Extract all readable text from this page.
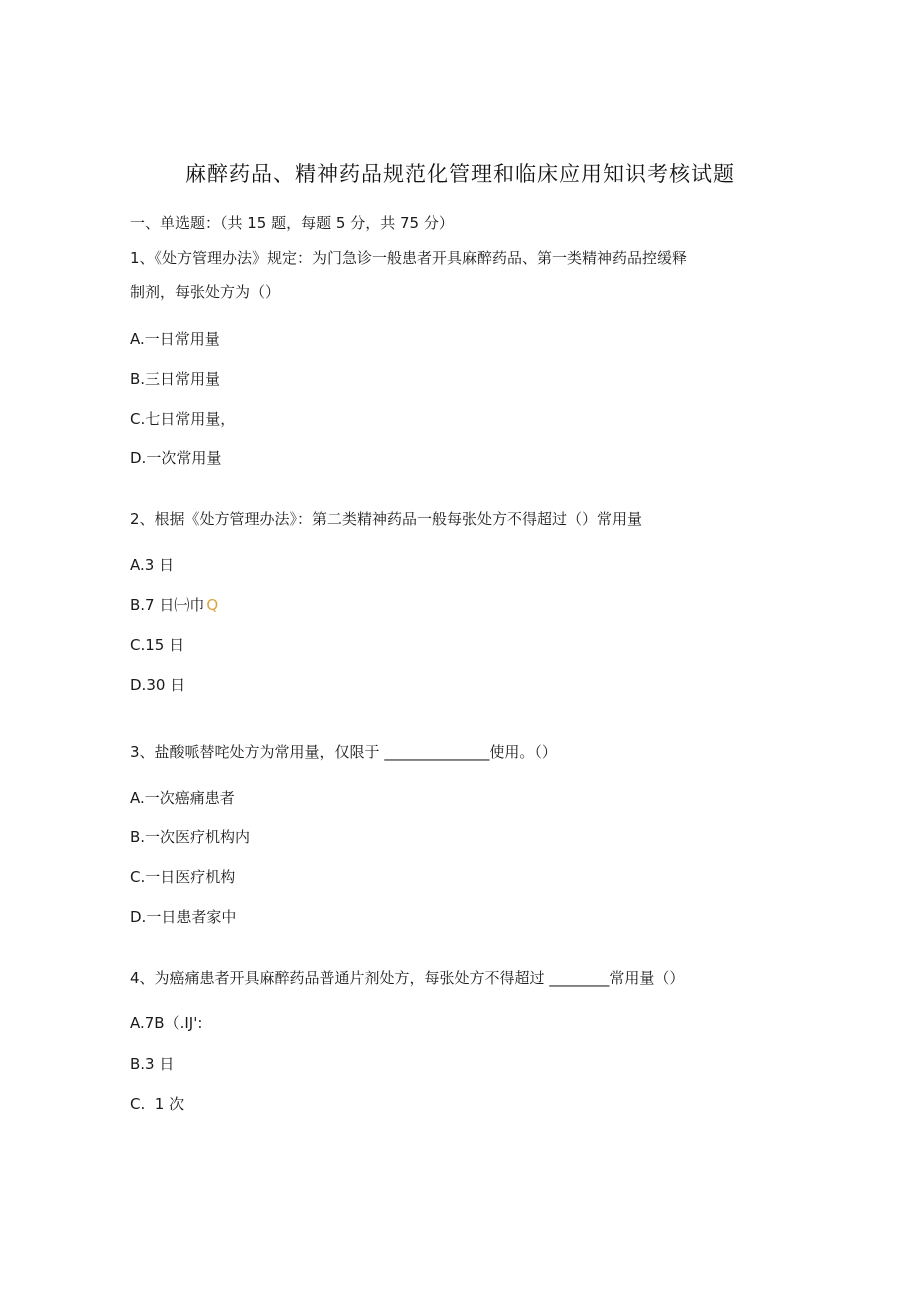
麻醉药品、精神药品规范化管理和临床应用知识考核试题
一、单选题：（共 15 题，每题 5 分，共 75 分）
1、《处方管理办法》规定：为门急诊一般患者开具麻醉药品、第一类精神药品控缓释
制剂，每张处方为（）
A.一日常用量
B.三日常用量
C.七日常用量，
D.一次常用量
2、根据《处方管理办法》：第二类精神药品一般每张处方不得超过（）常用量
A.3 日
B.7 日㈠巾 Q
C.15 日
D.30 日
3、盐酸哌替咤处方为常用量，仅限于 ______________使用。（）
A.一次癌痛患者
B.一次医疗机构内
C.一日医疗机构
D.一日患者家中
4、为癌痛患者开具麻醉药品普通片剂处方，每张处方不得超过 ________常用量（）
A.7B（.IJ':
B.3 日
C.  1 次
